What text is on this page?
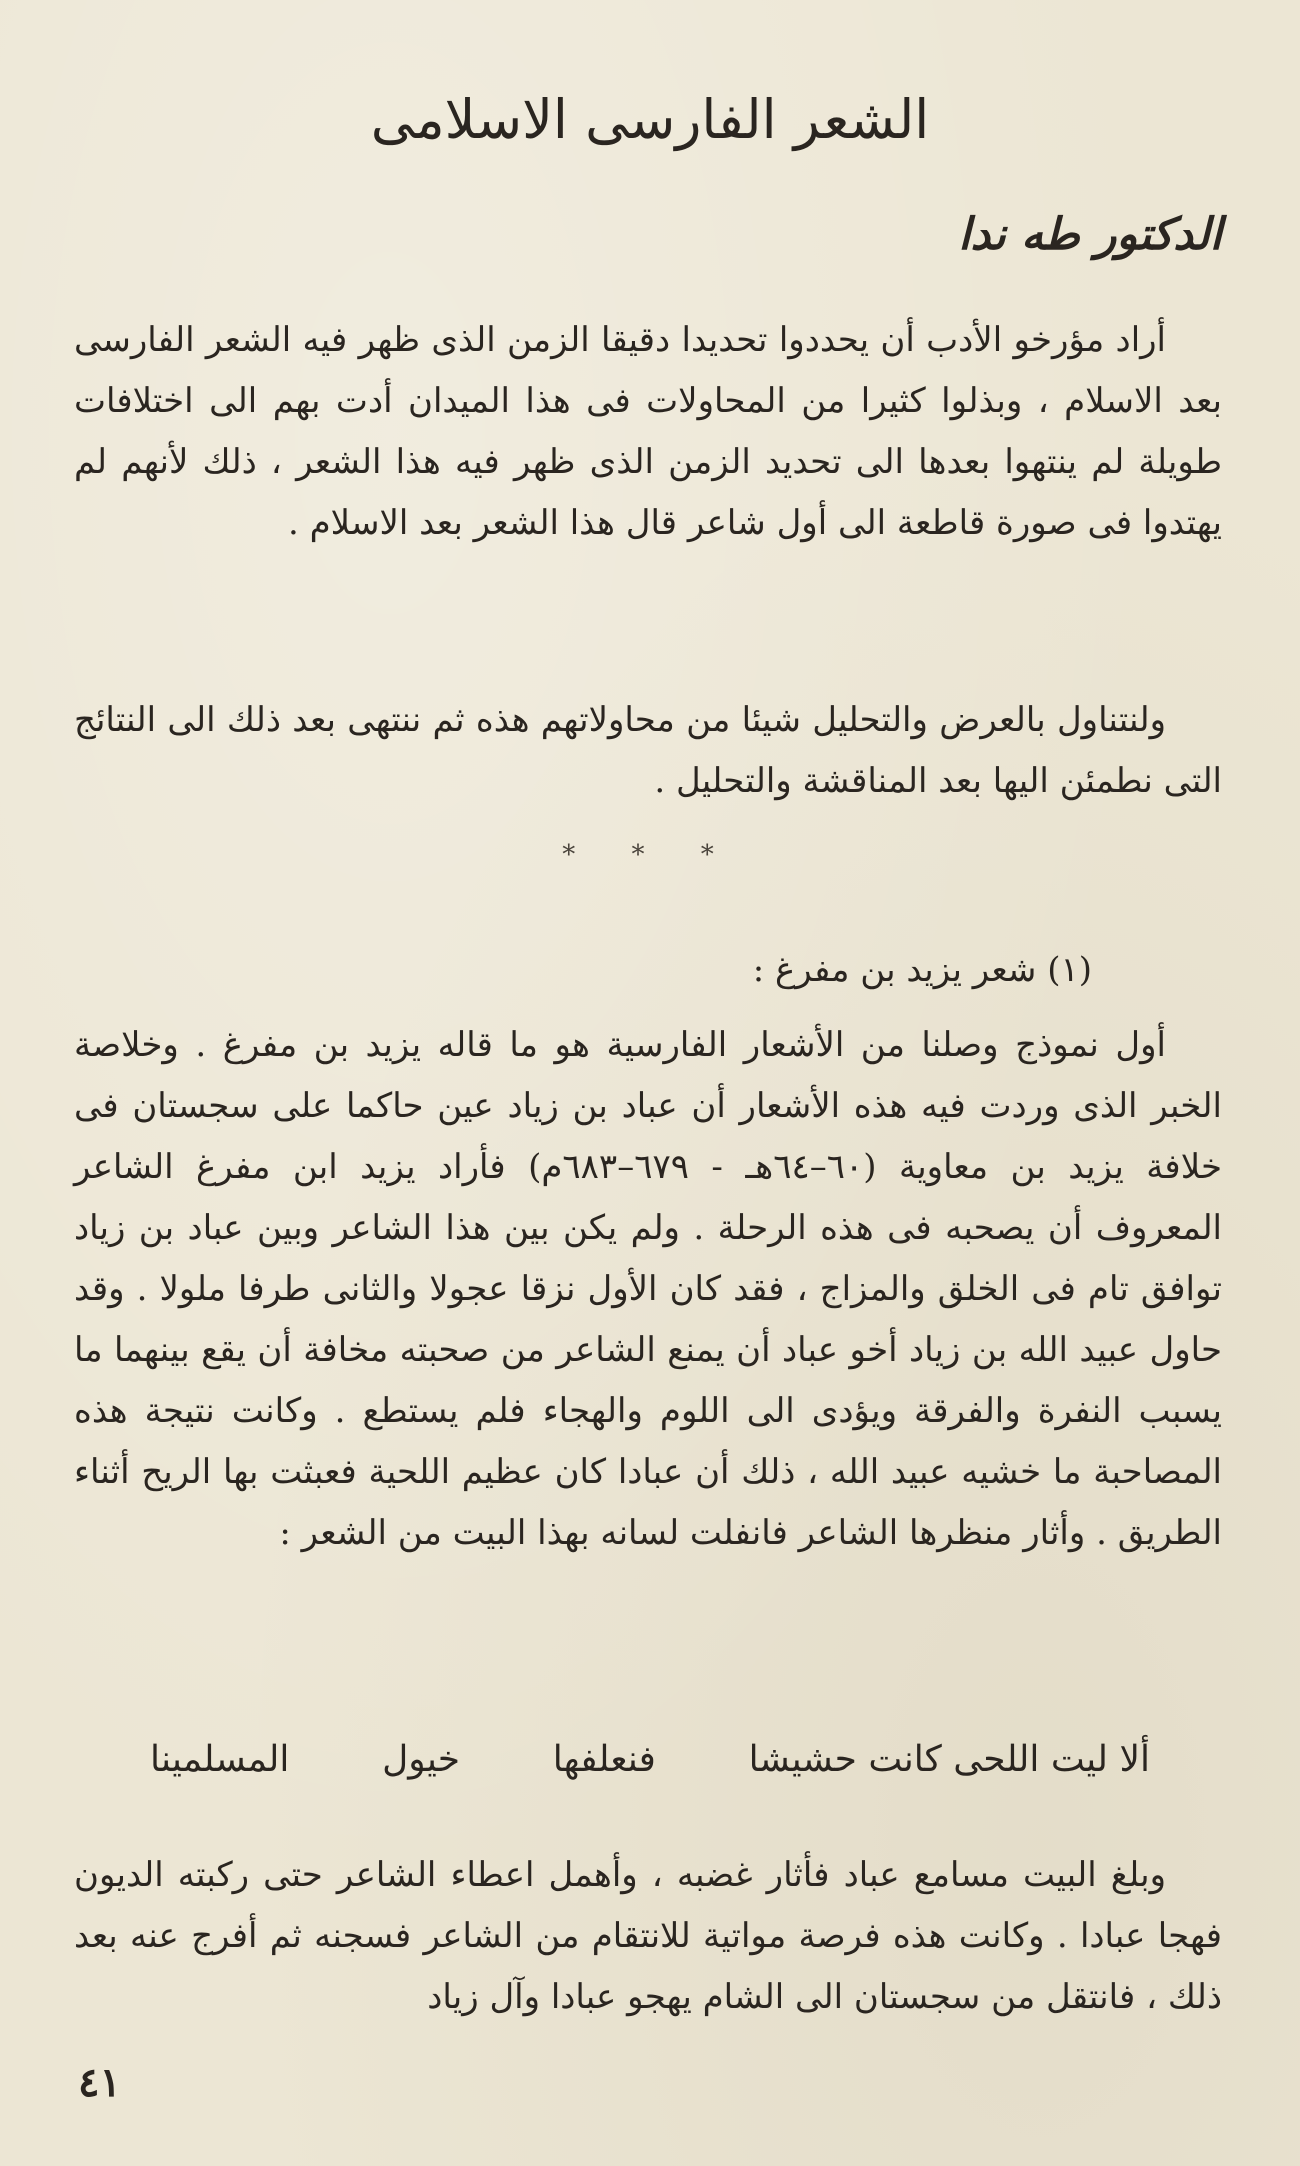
الشعر الفارسى الاسلامى
الدكتور طه ندا

أراد مؤرخو الأدب أن يحددوا تحديدا دقيقا الزمن الذى ظهر فيه الشعر الفارسى بعد الاسلام ، وبذلوا كثيرا من المحاولات فى هذا الميدان أدت بهم الى اختلافات طويلة لم ينتهوا بعدها الى تحديد الزمن الذى ظهر فيه هذا الشعر ، ذلك لأنهم لم يهتدوا فى صورة قاطعة الى أول شاعر قال هذا الشعر بعد الاسلام .

ولنتناول بالعرض والتحليل شيئا من محاولاتهم هذه ثم ننتهى بعد ذلك الى النتائج التى نطمئن اليها بعد المناقشة والتحليل .

* * *
(١) شعر يزيد بن مفرغ :

أول نموذج وصلنا من الأشعار الفارسية هو ما قاله يزيد بن مفرغ . وخلاصة الخبر الذى وردت فيه هذه الأشعار أن عباد بن زياد عين حاكما على سجستان فى خلافة يزيد بن معاوية (٦٠–٦٤هـ - ٦٧٩–٦٨٣م) فأراد يزيد ابن مفرغ الشاعر المعروف أن يصحبه فى هذه الرحلة . ولم يكن بين هذا الشاعر وبين عباد بن زياد توافق تام فى الخلق والمزاج ، فقد كان الأول نزقا عجولا والثانى طرفا ملولا . وقد حاول عبيد الله بن زياد أخو عباد أن يمنع الشاعر من صحبته مخافة أن يقع بينهما ما يسبب النفرة والفرقة ويؤدى الى اللوم والهجاء فلم يستطع . وكانت نتيجة هذه المصاحبة ما خشيه عبيد الله ، ذلك أن عبادا كان عظيم اللحية فعبثت بها الريح أثناء الطريق . وأثار منظرها الشاعر فانفلت لسانه بهذا البيت من الشعر :

ألا ليت اللحى كانت حشيشا
فنعلفها
خيول
المسلمينا

وبلغ البيت مسامع عباد فأثار غضبه ، وأهمل اعطاء الشاعر حتى ركبته الديون فهجا عبادا . وكانت هذه فرصة مواتية للانتقام من الشاعر فسجنه ثم أفرج عنه بعد ذلك ، فانتقل من سجستان الى الشام يهجو عبادا وآل زياد

٤١
